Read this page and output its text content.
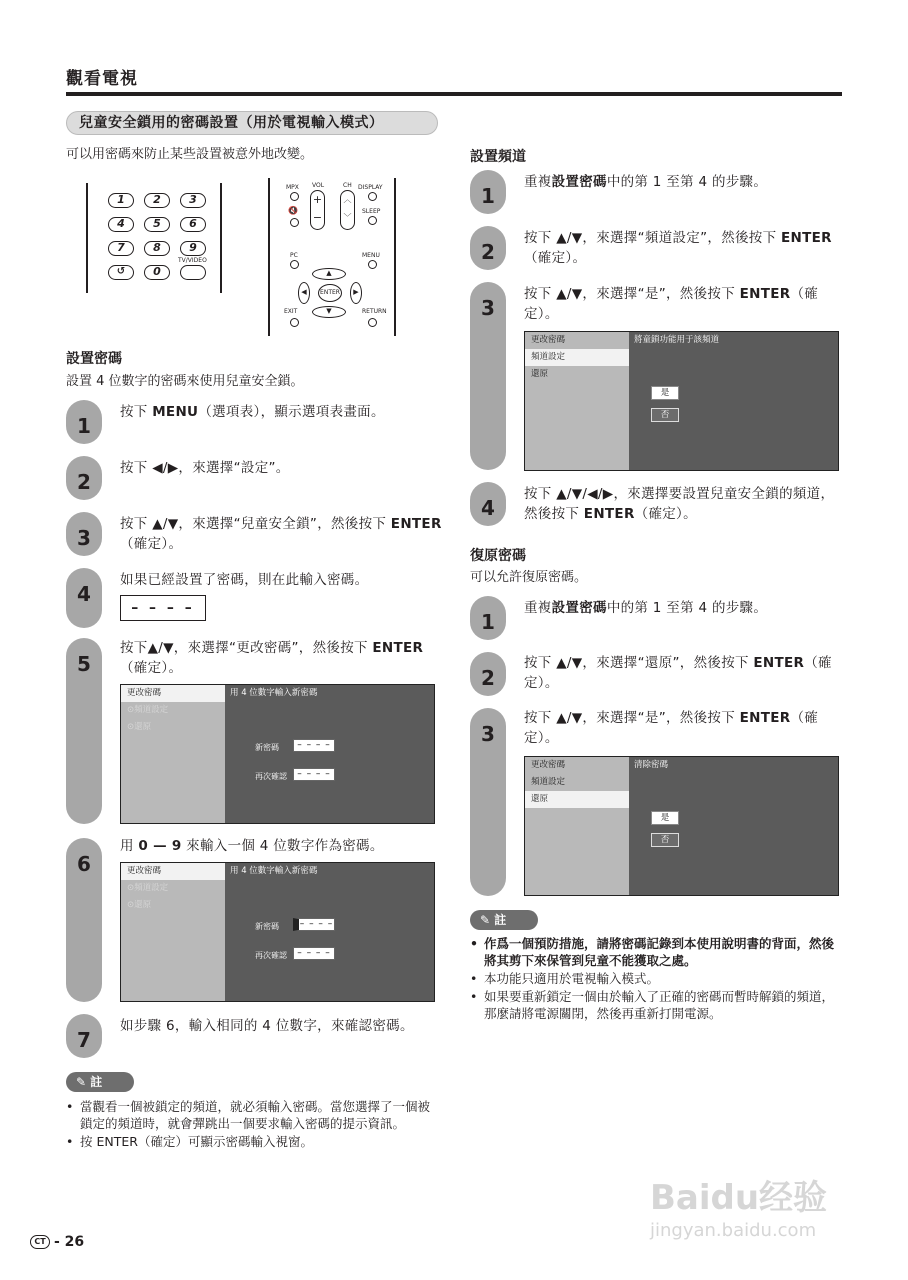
觀看電視
兒童安全鎖用的密碼設置（用於電視輸入模式）
可以用密碼來防止某些設置被意外地改變。
1	2	3
4	5	6
7	8	9
↺	0
TV/VIDEO
MPX VOL	CH DISPLAY
🔇
+
−
︿
﹀
SLEEP
PC	MENU
▲
◀	ENTER	▶
▼
EXIT	RETURN
設置密碼
設置 4 位數字的密碼來使用兒童安全鎖。
1
按下 MENU（選項表），顯示選項表畫面。
2
按下 ◀/▶，來選擇“設定”。
3
按下 ▲/▼，來選擇“兒童安全鎖”，然後按下 ENTER（確定）。
4
如果已經設置了密碼，則在此輸入密碼。
– – – –
5
按下▲/▼，來選擇“更改密碼”，然後按下 ENTER（確定）。
更改密碼
⊙頻道設定
⊙還原
用 4 位數字輸入新密碼
新密碼	– – – –
再次確認	– – – –
6
用 0 — 9 來輸入一個 4 位數字作為密碼。
更改密碼
⊙頻道設定
⊙還原
用 4 位數字輸入新密碼
新密碼	– – – –
再次確認	– – – –
7
如步驟 6，輸入相同的 4 位數字，來確認密碼。
✎ 註
• 當觀看一個被鎖定的頻道，就必須輸入密碼。當您選擇了一個被鎖定的頻道時，就會彈跳出一個要求輸入密碼的提示資訊。
• 按 ENTER（確定）可顯示密碼輸入視窗。
設置頻道
1
重複設置密碼中的第 1 至第 4 的步驟。
2
按下 ▲/▼，來選擇“頻道設定”，然後按下 ENTER（確定）。
3
按下 ▲/▼，來選擇“是”，然後按下 ENTER（確定）。
更改密碼
頻道設定
還原
將童鎖功能用于該頻道
是
否
4
按下 ▲/▼/◀/▶，來選擇要設置兒童安全鎖的頻道，然後按下 ENTER（確定）。
復原密碼
可以允許復原密碼。
1
重複設置密碼中的第 1 至第 4 的步驟。
2
按下 ▲/▼，來選擇“還原”，然後按下 ENTER（確定）。
3
按下 ▲/▼，來選擇“是”，然後按下 ENTER（確定）。
更改密碼
頻道設定
還原
清除密碼
是
否
✎ 註
• 作爲一個預防措施，請將密碼記錄到本使用說明書的背面，然後將其剪下來保管到兒童不能獲取之處。
• 本功能只適用於電視輸入模式。
• 如果要重新鎖定一個由於輸入了正確的密碼而暫時解鎖的頻道，那麼請將電源關閉，然後再重新打開電源。
CT - 26
Baidu经验
jingyan.baidu.com
